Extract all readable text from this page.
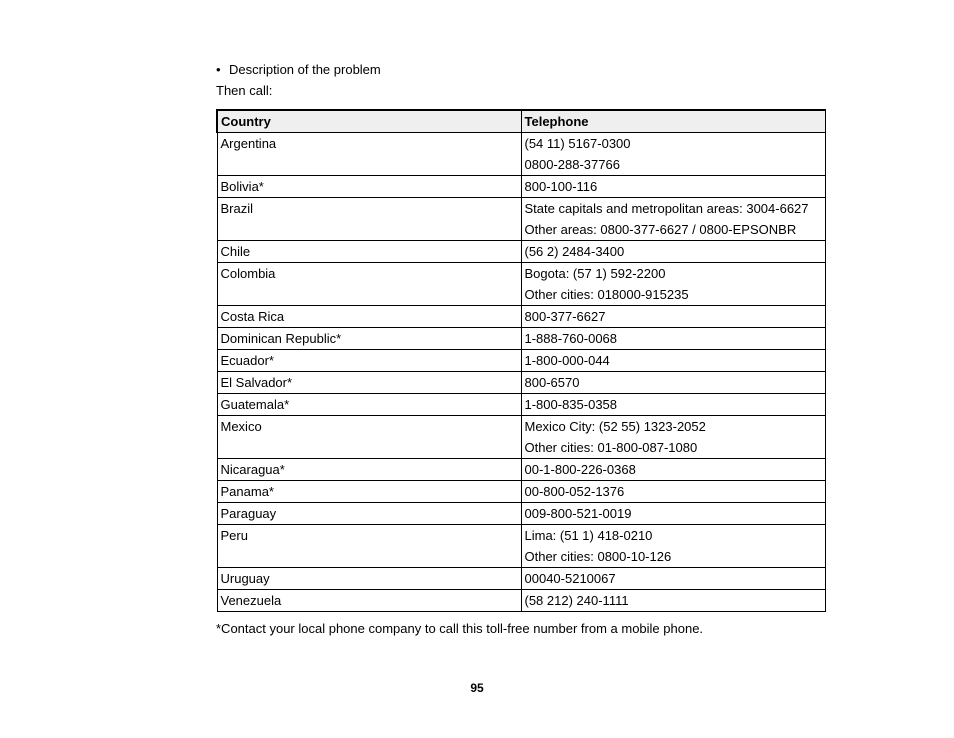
• Description of the problem
Then call:
Country	Telephone
Argentina	(54 11) 5167-0300
0800-288-37766

Bolivia*	800-100-116

Brazil	State capitals and metropolitan areas: 3004-6627
Other areas: 0800-377-6627 / 0800-EPSONBR

Chile	(56 2) 2484-3400

Colombia	Bogota: (57 1) 592-2200
Other cities: 018000-915235

Costa Rica	800-377-6627

Dominican Republic*	1-888-760-0068

Ecuador*	1-800-000-044

El Salvador*	800-6570

Guatemala*	1-800-835-0358

Mexico	Mexico City: (52 55) 1323-2052
Other cities: 01-800-087-1080

Nicaragua*	00-1-800-226-0368

Panama*	00-800-052-1376

Paraguay	009-800-521-0019

Peru	Lima: (51 1) 418-0210
Other cities: 0800-10-126

Uruguay	00040-5210067

Venezuela	(58 212) 240-1111
*Contact your local phone company to call this toll-free number from a mobile phone.
95
